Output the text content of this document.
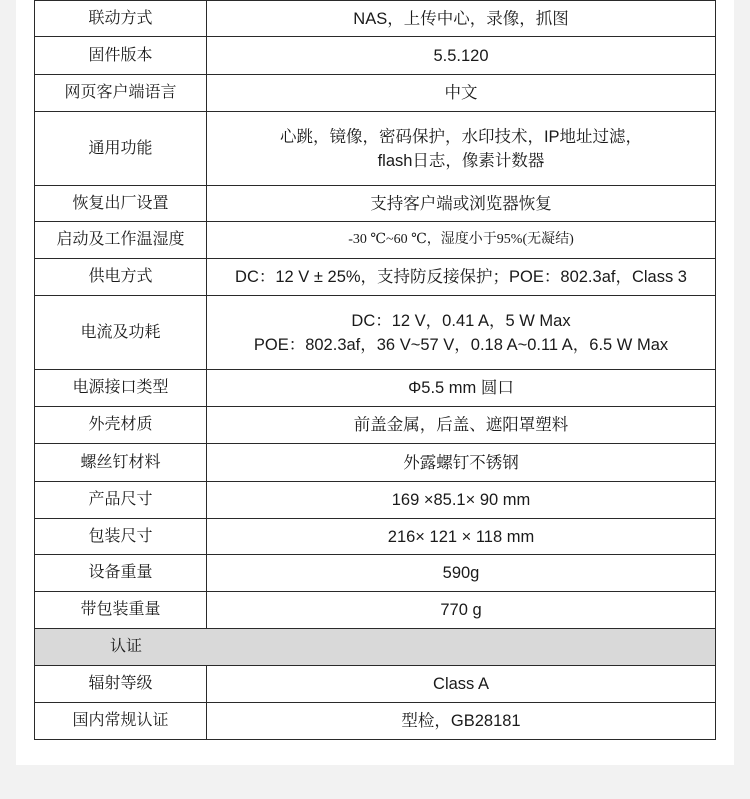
联动方式	NAS，上传中心，录像，抓图

固件版本	5.5.120

网页客户端语言	中文

通用功能	心跳，镜像，密码保护，水印技术，IP地址过滤，
flash日志，像素计数器

恢复出厂设置	支持客户端或浏览器恢复

启动及工作温湿度	-30 ℃~60 ℃，湿度小于95%(无凝结)

供电方式	DC：12 V ± 25%，支持防反接保护；POE：802.3af，Class 3

电流及功耗	DC：12 V，0.41 A，5 W Max
POE：802.3af，36 V~57 V，0.18 A~0.11 A，6.5 W Max

电源接口类型	Φ5.5 mm 圆口

外壳材质	前盖金属，后盖、遮阳罩塑料

螺丝钉材料	外露螺钉不锈钢

产品尺寸	169 ×85.1× 90 mm

包装尺寸	216× 121 × 118 mm

设备重量	590g

带包装重量	770 g

认证	
辐射等级	Class A

国内常规认证	型检，GB28181
